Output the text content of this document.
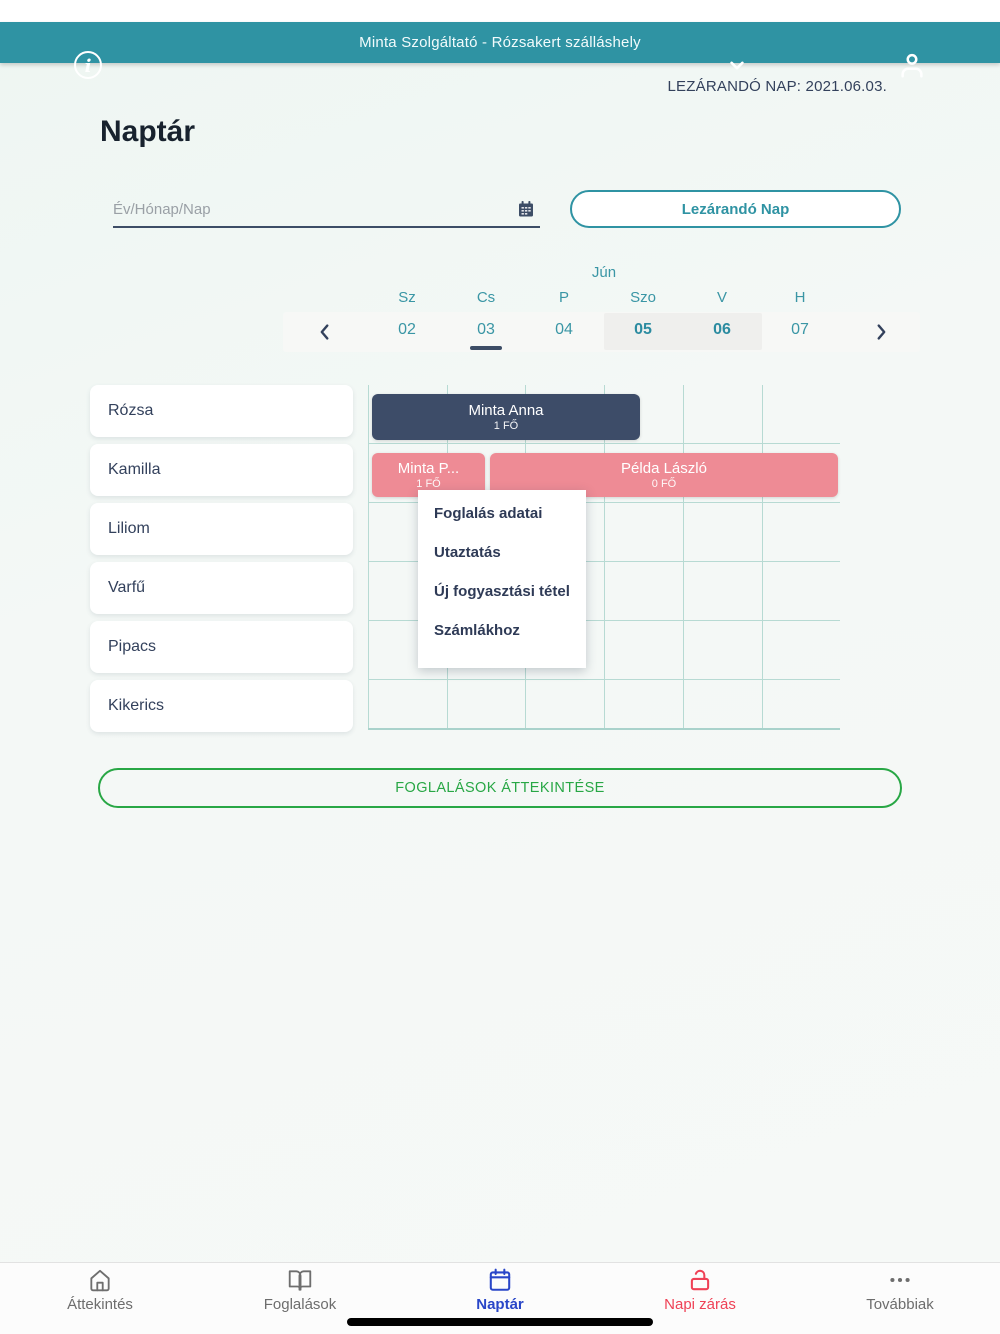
Minta Szolgáltató - Rózsakert szálláshely
i
LEZÁRANDÓ NAP: 2021.06.03.
Naptár
Év/Hónap/Nap
Lezárandó Nap
Jún
Sz	Cs	P	Szo	V	H
02	03	04	05	06	07
Rózsa
Kamilla
Liliom
Varfű
Pipacs
Kikerics
Minta Anna
1 FŐ
Minta P...
1 FŐ
Példa László
0 FŐ
Foglalás adatai
Utaztatás
Új fogyasztási tétel
Számlákhoz
FOGLALÁSOK ÁTTEKINTÉSE
Áttekintés	Foglalások	Naptár	Napi zárás	Továbbiak
